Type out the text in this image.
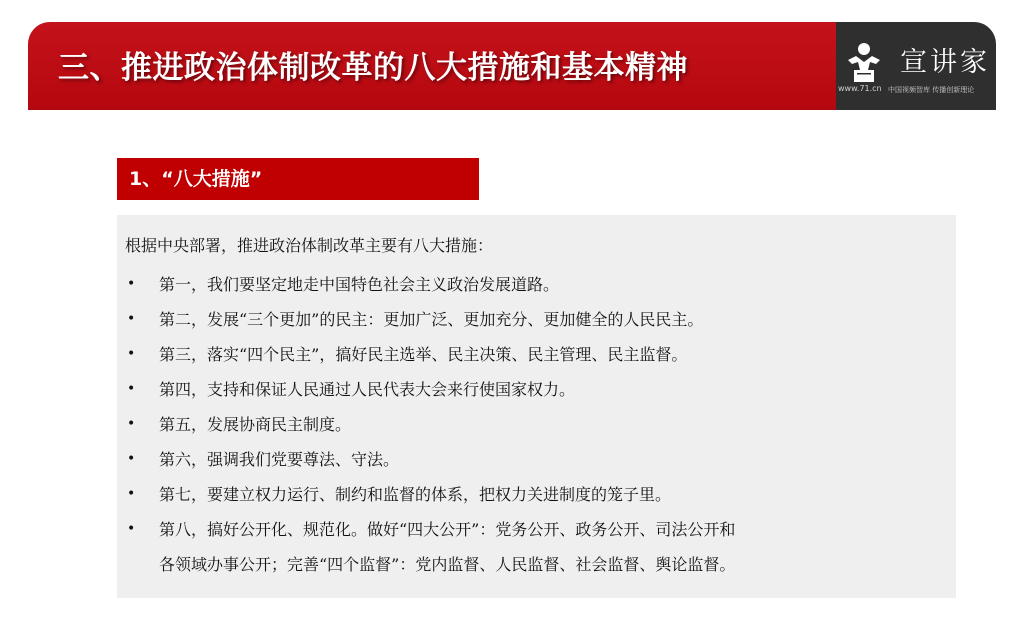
三、推进政治体制改革的八大措施和基本精神
www.71.cn
宣讲家
中国视频智库 传播创新理论
1、“八大措施”
根据中央部署，推进政治体制改革主要有八大措施：
• 第一，我们要坚定地走中国特色社会主义政治发展道路。
• 第二，发展“三个更加”的民主：更加广泛、更加充分、更加健全的人民民主。
• 第三，落实“四个民主”，搞好民主选举、民主决策、民主管理、民主监督。
• 第四，支持和保证人民通过人民代表大会来行使国家权力。
• 第五，发展协商民主制度。
• 第六，强调我们党要尊法、守法。
• 第七，要建立权力运行、制约和监督的体系，把权力关进制度的笼子里。
• 第八，搞好公开化、规范化。做好“四大公开”：党务公开、政务公开、司法公开和
各领域办事公开；完善“四个监督”：党内监督、人民监督、社会监督、舆论监督。
